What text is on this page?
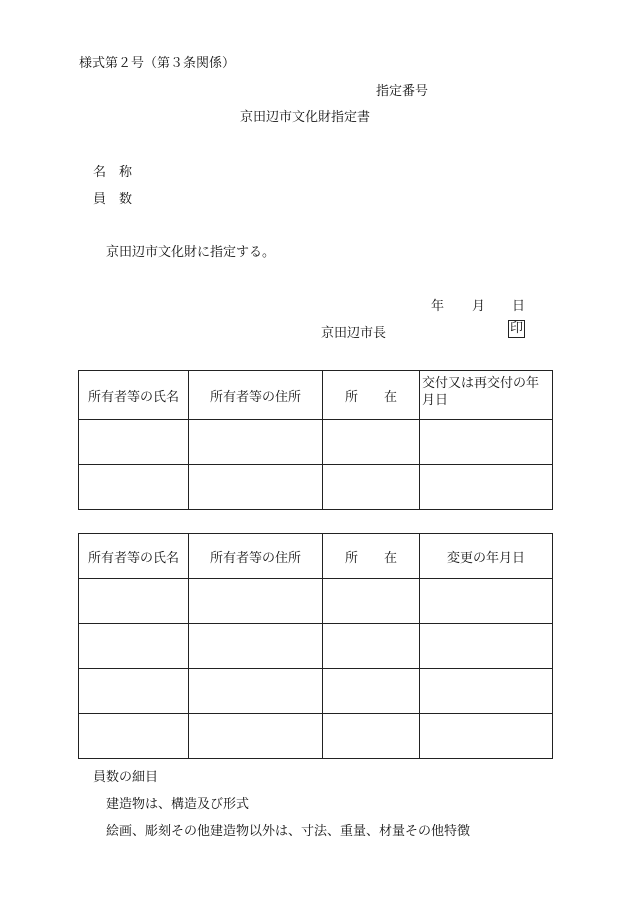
様式第２号（第３条関係）
指定番号
京田辺市文化財指定書
名　称
員　数
京田辺市文化財に指定する。
年 月 日
京田辺市長	印
所有者等の氏名	所有者等の住所	所　　在	交付又は再交付の年月日

所有者等の氏名	所有者等の住所	所　　在	変更の年月日

員数の細目
建造物は、構造及び形式
絵画、彫刻その他建造物以外は、寸法、重量、材量その他特徴
